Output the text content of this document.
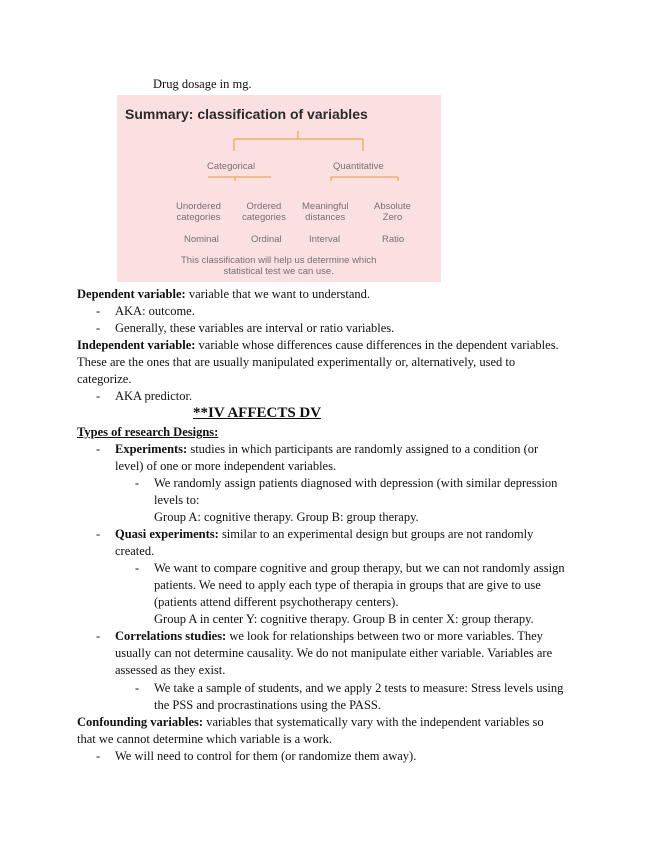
Drug dosage in mg.
Summary: classification of variables
Categorical	Quantitative
Unordered
categories
Ordered
categories
Meaningful
distances
Absolute
Zero
Nominal	Ordinal	Interval	Ratio
This classification will help us determine which
statistical test we can use.
Dependent variable: variable that we want to understand.
- AKA: outcome.
- Generally, these variables are interval or ratio variables.
Independent variable: variable whose differences cause differences in the dependent variables.
These are the ones that are usually manipulated experimentally or, alternatively, used to
categorize.
- AKA predictor.
**IV AFFECTS DV
Types of research Designs:
- Experiments: studies in which participants are randomly assigned to a condition (or
level) of one or more independent variables.
- We randomly assign patients diagnosed with depression (with similar depression
levels to:
Group A: cognitive therapy. Group B: group therapy.
- Quasi experiments: similar to an experimental design but groups are not randomly
created.
- We want to compare cognitive and group therapy, but we can not randomly assign
patients. We need to apply each type of therapia in groups that are give to use
(patients attend different psychotherapy centers).
Group A in center Y: cognitive therapy. Group B in center X: group therapy.
- Correlations studies: we look for relationships between two or more variables. They
usually can not determine causality. We do not manipulate either variable. Variables are
assessed as they exist.
- We take a sample of students, and we apply 2 tests to measure: Stress levels using
the PSS and procrastinations using the PASS.
Confounding variables: variables that systematically vary with the independent variables so
that we cannot determine which variable is a work.
- We will need to control for them (or randomize them away).
